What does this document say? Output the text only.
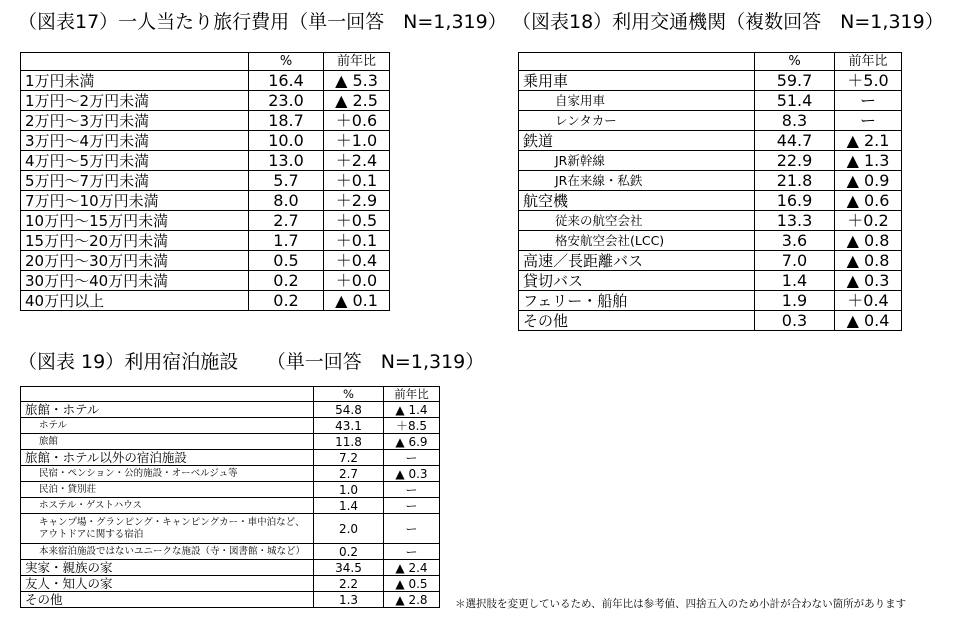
（図表17）一人当たり旅行費用（単一回答　N=1,319）
	%	前年比
1万円未満	16.4	▲ 5.3
1万円～2万円未満	23.0	▲ 2.5
2万円～3万円未満	18.7	＋0.6
3万円～4万円未満	10.0	＋1.0
4万円～5万円未満	13.0	＋2.4
5万円～7万円未満	5.7	＋0.1
7万円～10万円未満	8.0	＋2.9
10万円～15万円未満	2.7	＋0.5
15万円～20万円未満	1.7	＋0.1
20万円～30万円未満	0.5	＋0.4
30万円～40万円未満	0.2	＋0.0
40万円以上	0.2	▲ 0.1
（図表18）利用交通機関（複数回答　N=1,319）
	%	前年比
乗用車	59.7	＋5.0
自家用車	51.4	ー
レンタカー	8.3	ー
鉄道	44.7	▲ 2.1
JR新幹線	22.9	▲ 1.3
JR在来線・私鉄	21.8	▲ 0.9
航空機	16.9	▲ 0.6
従来の航空会社	13.3	＋0.2
格安航空会社(LCC)	3.6	▲ 0.8
高速／長距離バス	7.0	▲ 0.8
貸切バス	1.4	▲ 0.3
フェリー・船舶	1.9	＋0.4
その他	0.3	▲ 0.4
（図表 19）利用宿泊施設　　（単一回答　N=1,319）
	%	前年比
旅館・ホテル	54.8	▲ 1.4
ホテル	43.1	＋8.5
旅館	11.8	▲ 6.9
旅館・ホテル以外の宿泊施設	7.2	ー
民宿・ペンション・公的施設・オーベルジュ等	2.7	▲ 0.3
民泊・貸別荘	1.0	ー
ホステル・ゲストハウス	1.4	ー
キャンプ場・グランピング・キャンピングカー・車中泊など、アウトドアに関する宿泊	2.0	ー
本来宿泊施設ではないユニークな施設（寺・図書館・城など）	0.2	ー
実家・親族の家	34.5	▲ 2.4
友人・知人の家	2.2	▲ 0.5
その他	1.3	▲ 2.8	＊選択肢を変更しているため、前年比は参考値、四捨五入のため小計が合わない箇所があります
